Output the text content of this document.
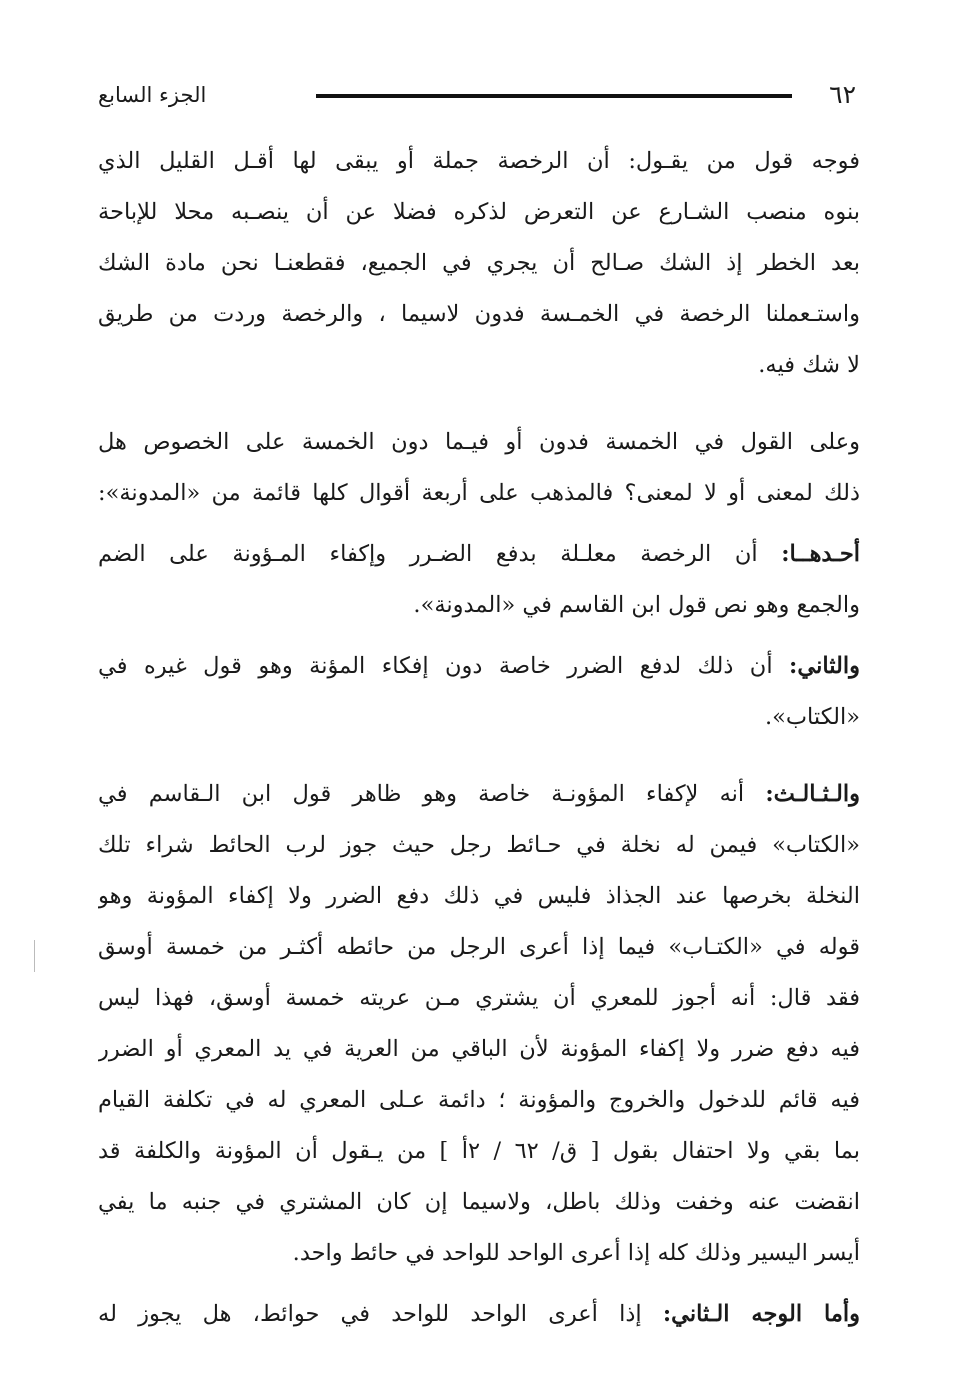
٦٢
الجزء السابع

فوجه قول من يقـول: أن الرخصة جملة أو يبقى لها أقـل القليل الذي
بنوه منصب الشـارع عن التعرض لذكره فضلا عن أن ينصـبه محلا للإباحة
بعد الخطر إذ الشك صـالح أن يجري في الجميع، فقطعنـا نحن مادة الشك
واستـعملنا الرخصة في الخمـسة فدون لاسيما ، والرخصة وردت من طريق
لا شك فيه.

وعلى القول في الخمسة فدون أو فيـما دون الخمسة على الخصوص هل
ذلك لمعنى أو لا لمعنى؟ فالمذهب على أربعة أقوال كلها قائمة من «المدونة»:

أحـدهــا: أن الرخصة معلـلة بدفع الضـرر وإكفاء المـؤونة على الضم
والجمع وهو نص قول ابن القاسم في «المدونة».

والثاني: أن ذلك لدفع الضرر خاصة دون إفكاء المؤنة وهو قول غيره في
«الكتاب».

والـثـالـث: أنه لإكفاء المؤونـة خاصة وهو ظاهر قول ابن الـقاسم في
«الكتاب» فيمن له نخلة في حـائط رجل حيث جوز لرب الحائط شراء تلك
النخلة بخرصها عند الجذاذ فليس في ذلك دفع الضرر ولا إكفاء المؤونة وهو
قوله في «الكتـاب» فيما إذا أعرى الرجل من حائطه أكثـر من خمسة أوسق
فقد قال: أنه أجوز للمعري أن يشتري مـن عريته خمسة أوسق، فهذا ليس
فيه دفع ضرر ولا إكفاء المؤونة لأن الباقي من العرية في يد المعري أو الضرر
فيه قائم للدخول والخروج والمؤونة ؛ دائمة عـلى المعري له في تكلفة القيام
بما بقي ولا احتفال بقول [ ق/ ٦٢ / ٢أ ] من يـقول أن المؤونة والكلفة قد
انقضت عنه وخفت وذلك باطل، ولاسيما إن كان المشتري في جنبه ما يفي
أيسر اليسير وذلك كله إذا أعرى الواحد للواحد في حائط واحد.

وأما الوجه الـثاني: إذا أعرى الواحد للواحد في حوائط، هل يجوز له
